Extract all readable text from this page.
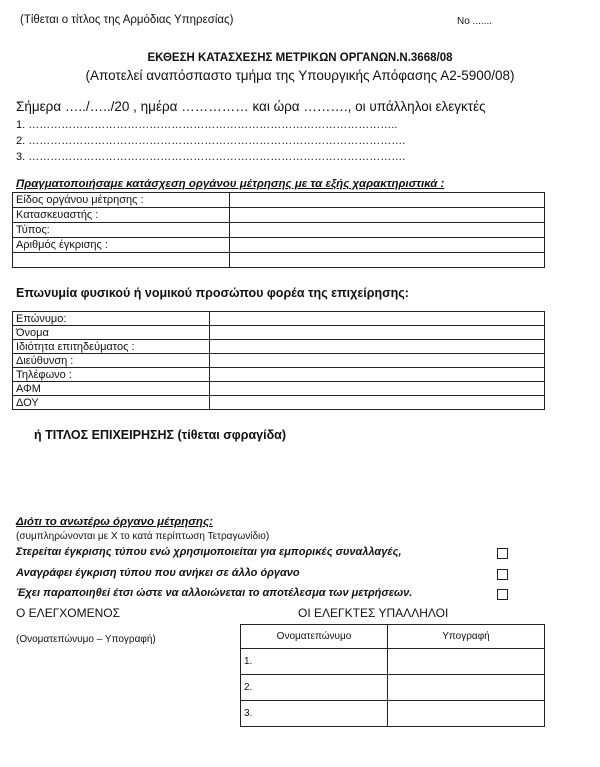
(Τίθεται ο τίτλος της Αρμόδιας Υπηρεσίας)	Νο .......
ΕΚΘΕΣΗ ΚΑΤΑΣΧΕΣΗΣ ΜΕΤΡΙΚΩΝ ΟΡΓΑΝΩΝ.Ν.3668/08
(Αποτελεί αναπόσπαστο τμήμα της Υπουργικής Απόφασης Α2-5900/08)
Σήμερα …../…../20 , ημέρα …………… και ώρα ………., οι υπάλληλοι ελεγκτές
1. ………………………………………………………………………………………..
2. ………………………………………………………………………………………….
3. ………………………………………………………………………………………….
Πραγματοποιήσαμε κατάσχεση οργάνου μέτρησης με τα εξής χαρακτηριστικά :
Είδος οργάνου μέτρησης :	
Κατασκευαστής :	
Τύπος:	
Αριθμός έγκρισης :	

Επωνυμία φυσικού ή νομικού προσώπου φορέα της επιχείρησης:
Επώνυμο:	
Όνομα	
Ιδιότητα επιτηδεύματος :	
Διεύθυνση :	
Τηλέφωνο :	
ΑΦΜ	
ΔΟΥ	
ή ΤΙΤΛΟΣ ΕΠΙΧΕΙΡΗΣΗΣ (τίθεται σφραγίδα)
Διότι το ανωτέρω όργανο μέτρησης:
(συμπληρώνονται με Χ το κατά περίπτωση Τετραγωνίδιο)
Στερείται έγκρισης τύπου ενώ χρησιμοποιείται για εμπορικές συναλλαγές,
Αναγράφει έγκριση τύπου που ανήκει σε άλλο όργανο
Έχει παραποιηθεί έτσι ώστε να αλλοιώνεται το αποτέλεσμα των μετρήσεων.
Ο ΕΛΕΓΧΟΜΕΝΟΣ	ΟΙ ΕΛΕΓΚΤΕΣ ΥΠΑΛΛΗΛΟΙ
(Ονοματεπώνυμο – Υπογραφή)	Ονοματεπώνυμο	Υπογραφή
1.	
2.	
3.	
